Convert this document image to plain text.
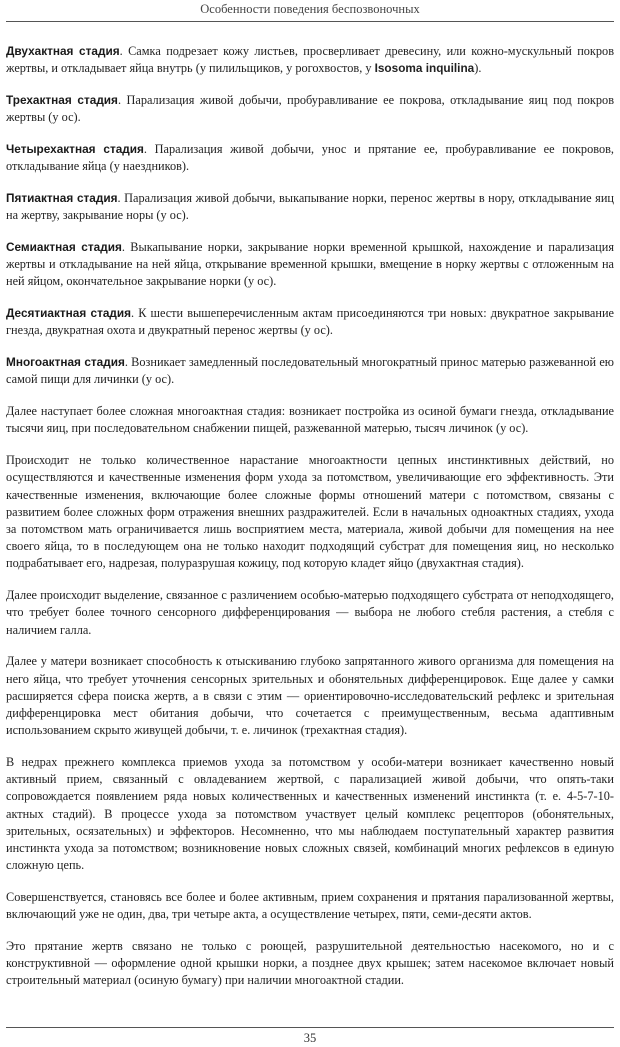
Особенности поведения беспозвоночных

Двухактная стадия. Самка подрезает кожу листьев, просверливает древесину, или кожно-мускульный покров жертвы, и откладывает яйца внутрь (у пилильщиков, у рогохвостов, у Isosoma inquilina).

Трехактная стадия. Парализация живой добычи, пробуравливание ее покрова, откладывание яиц под покров жертвы (у ос).

Четырехактная стадия. Парализация живой добычи, унос и прятание ее, пробуравливание ее покровов, откладывание яйца (у наездников).

Пятиактная стадия. Парализация живой добычи, выкапывание норки, перенос жертвы в нору, откладывание яиц на жертву, закрывание норы (у ос).

Семиактная стадия. Выкапывание норки, закрывание норки временной крышкой, нахождение и парализация жертвы и откладывание на ней яйца, открывание временной крышки, вмещение в норку жертвы с отложенным на ней яйцом, окончательное закрывание норки (у ос).

Десятиактная стадия. К шести вышеперечисленным актам присоединяются три новых: двукратное закрывание гнезда, двукратная охота и двукратный перенос жертвы (у ос).

Многоактная стадия. Возникает замедленный последовательный многократный принос матерью разжеванной ею самой пищи для личинки (у ос).

Далее наступает более сложная многоактная стадия: возникает постройка из осиной бумаги гнезда, откладывание тысячи яиц, при последовательном снабжении пищей, разжеванной матерью, тысяч личинок (у ос).

Происходит не только количественное нарастание многоактности цепных инстинктивных действий, но осуществляются и качественные изменения форм ухода за потомством, увеличивающие его эффективность. Эти качественные изменения, включающие более сложные формы отношений матери с потомством, связаны с развитием более сложных форм отражения внешних раздражителей. Если в начальных одноактных стадиях, ухода за потомством мать ограничивается лишь восприятием места, материала, живой добычи для помещения на нее своего яйца, то в последующем она не только находит подходящий субстрат для помещения яиц, но несколько подрабатывает его, надрезая, полуразрушая кожицу, под которую кладет яйцо (двухактная стадия).

Далее происходит выделение, связанное с различением особью-матерью подходящего субстрата от неподходящего, что требует более точного сенсорного дифференцирования — выбора не любого стебля растения, а стебля с наличием галла.

Далее у матери возникает способность к отыскиванию глубоко запрятанного живого организма для помещения на него яйца, что требует уточнения сенсорных зрительных и обонятельных дифференцировок. Еще далее у самки расширяется сфера поиска жертв, а в связи с этим — ориентировочно-исследовательский рефлекс и зрительная дифференцировка мест обитания добычи, что сочетается с преимущественным, весьма адаптивным использованием скрыто живущей добычи, т. е. личинок (трехактная стадия).

В недрах прежнего комплекса приемов ухода за потомством у особи-матери возникает качественно новый активный прием, связанный с овладеванием жертвой, с парализацией живой добычи, что опять-таки сопровождается появлением ряда новых количественных и качественных изменений инстинкта (т. е. 4-5-7-10-актных стадий). В процессе ухода за потомством участвует целый комплекс рецепторов (обонятельных, зрительных, осязательных) и эффекторов. Несомненно, что мы наблюдаем поступательный характер развития инстинкта ухода за потомством; возникновение новых сложных связей, комбинаций многих рефлексов в единую сложную цепь.

Совершенствуется, становясь все более и более активным, прием сохранения и прятания парализованной жертвы, включающий уже не один, два, три четыре акта, а осуществление четырех, пяти, семи-десяти актов.

Это прятание жертв связано не только с роющей, разрушительной деятельностью насекомого, но и с конструктивной — оформление одной крышки норки, а позднее двух крышек; затем насекомое включает новый строительный материал (осиную бумагу) при наличии многоактной стадии.

35
